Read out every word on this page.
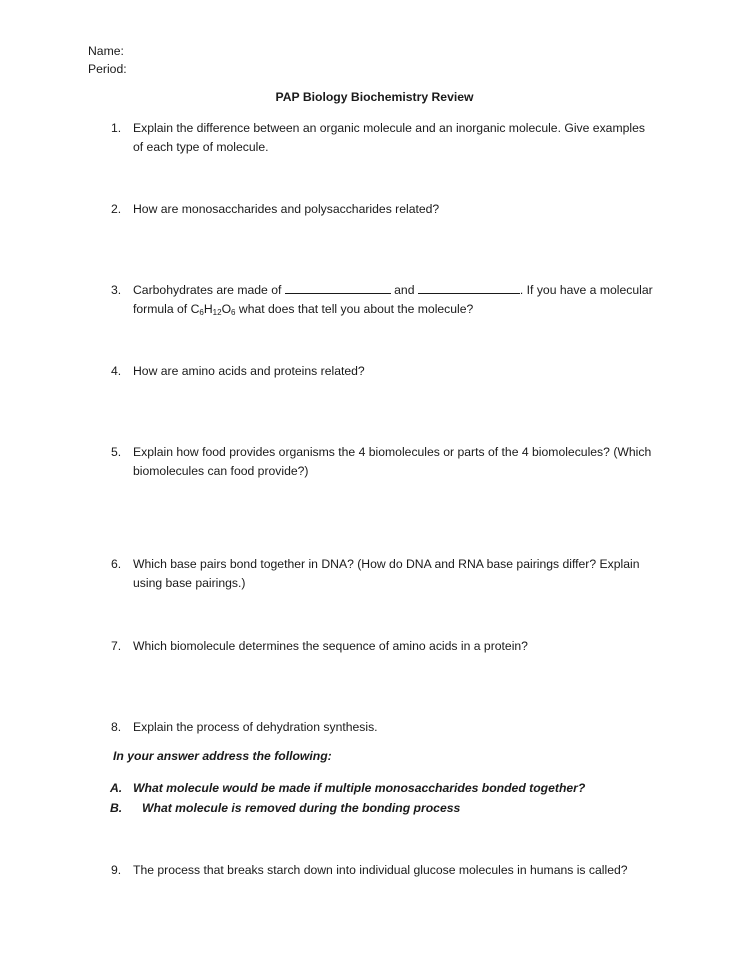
Name:
Period:
PAP Biology Biochemistry Review
1. Explain the difference between an organic molecule and an inorganic molecule. Give examples
of each type of molecule.
2. How are monosaccharides and polysaccharides related?
3. Carbohydrates are made of	and	. If you have a molecular
formula of $C_6H_{12}O_6$ what does that tell you about the molecule?
4. How are amino acids and proteins related?
5. Explain how food provides organisms the 4 biomolecules or parts of the 4 biomolecules? (Which
biomolecules can food provide?)
6. Which base pairs bond together in DNA? (How do DNA and RNA base pairings differ? Explain
using base pairings.)
7. Which biomolecule determines the sequence of amino acids in a protein?
8. Explain the process of dehydration synthesis.
In your answer address the following:
A. What molecule would be made if multiple monosaccharides bonded together?
B. What molecule is removed during the bonding process
9. The process that breaks starch down into individual glucose molecules in humans is called?
